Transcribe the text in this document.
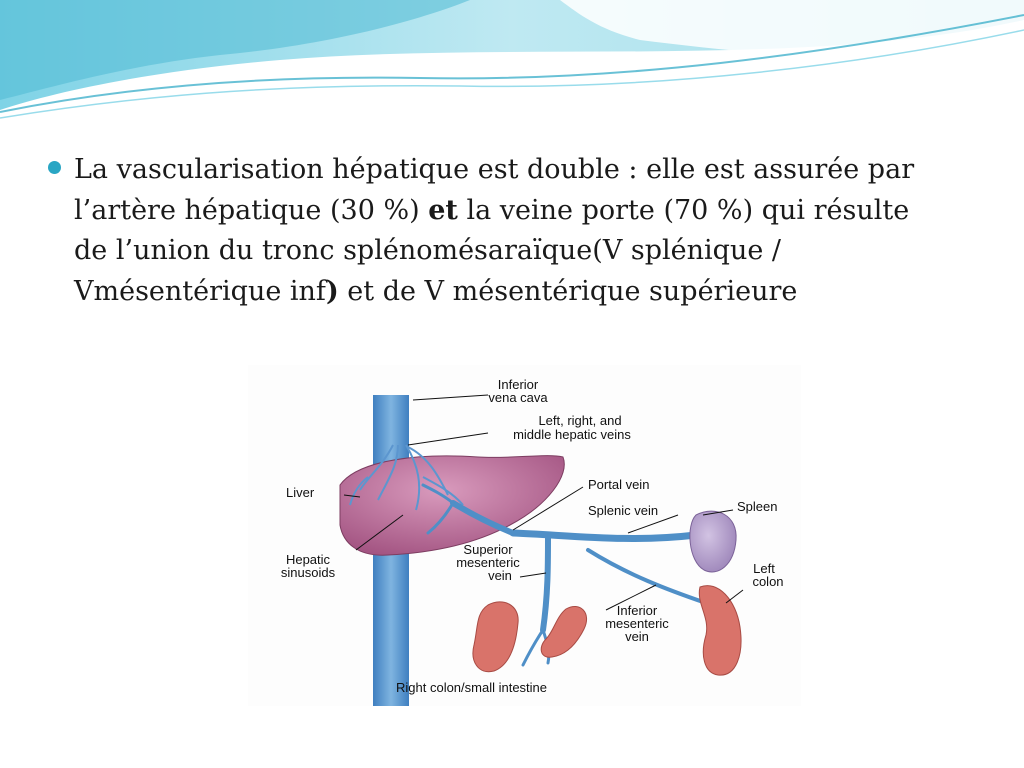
La vascularisation hépatique est double : elle est assurée par
l’artère hépatique (30 %) et la veine porte (70 %) qui résulte
de l’union du tronc splénomésaraïque(V splénique /
Vmésentérique inf) et de V mésentérique supérieure
Inferior
vena cava
Left, right, and
middle hepatic veins
Liver
Portal vein
Splenic vein	Spleen
Hepatic
sinusoids
Superior
mesenteric
vein	Left
colon
Inferior
mesenteric
vein
Right colon/small intestine
